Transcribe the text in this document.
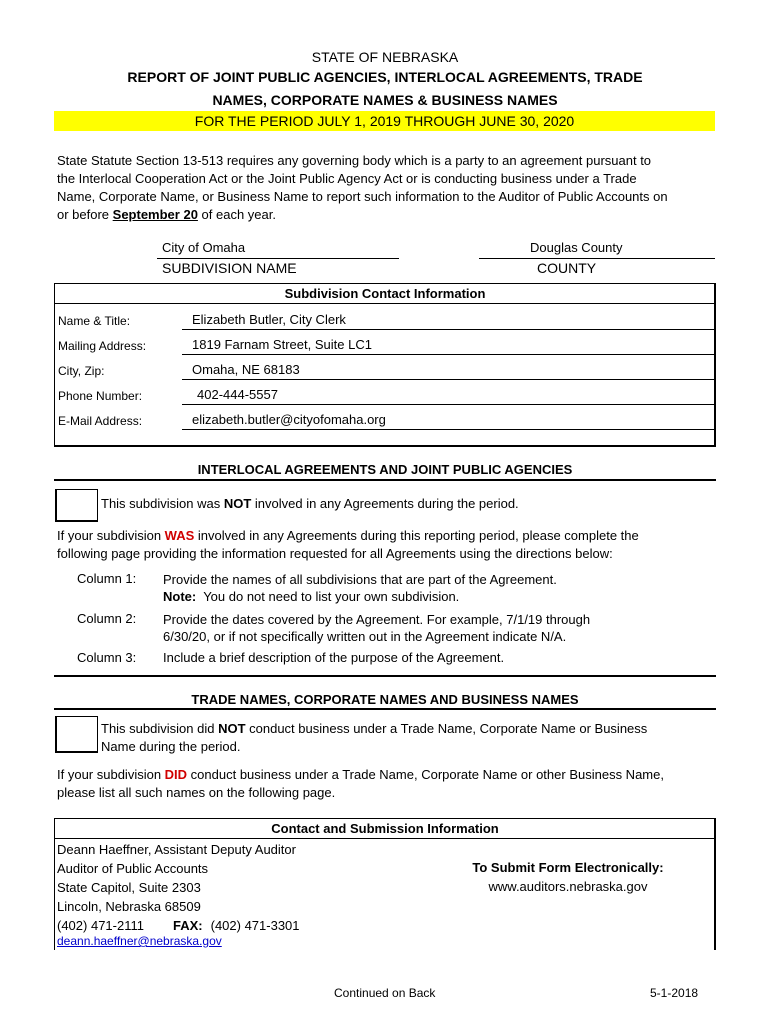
STATE OF NEBRASKA
REPORT OF JOINT PUBLIC AGENCIES, INTERLOCAL AGREEMENTS, TRADE
NAMES, CORPORATE NAMES & BUSINESS NAMES
FOR THE PERIOD JULY 1, 2019 THROUGH JUNE 30, 2020
State Statute Section 13-513 requires any governing body which is a party to an agreement pursuant to
the Interlocal Cooperation Act or the Joint Public Agency Act or is conducting business under a Trade
Name, Corporate Name, or Business Name to report such information to the Auditor of Public Accounts on
or before September 20 of each year.
City of Omaha
SUBDIVISION NAME
Douglas County
COUNTY
Subdivision Contact Information
Name & Title:	Elizabeth Butler, City Clerk
Mailing Address:	1819 Farnam Street, Suite LC1
City, Zip:	Omaha, NE 68183
Phone Number:	402-444-5557
E-Mail Address:	elizabeth.butler@cityofomaha.org
INTERLOCAL AGREEMENTS AND JOINT PUBLIC AGENCIES
This subdivision was NOT involved in any Agreements during the period.
If your subdivision WAS involved in any Agreements during this reporting period, please complete the
following page providing the information requested for all Agreements using the directions below:
Column 1: Provide the names of all subdivisions that are part of the Agreement.
Note:  You do not need to list your own subdivision.
Column 2: Provide the dates covered by the Agreement. For example, 7/1/19 through
6/30/20, or if not specifically written out in the Agreement indicate N/A.
Column 3: Include a brief description of the purpose of the Agreement.
TRADE NAMES, CORPORATE NAMES AND BUSINESS NAMES
This subdivision did NOT conduct business under a Trade Name, Corporate Name or Business
Name during the period.
If your subdivision DID conduct business under a Trade Name, Corporate Name or other Business Name,
please list all such names on the following page.
Contact and Submission Information
Deann Haeffner, Assistant Deputy Auditor
Auditor of Public Accounts
State Capitol, Suite 2303
Lincoln, Nebraska 68509
(402) 471-2111 FAX: (402) 471-3301
deann.haeffner@nebraska.gov
To Submit Form Electronically:
www.auditors.nebraska.gov
Continued on Back	5-1-2018
